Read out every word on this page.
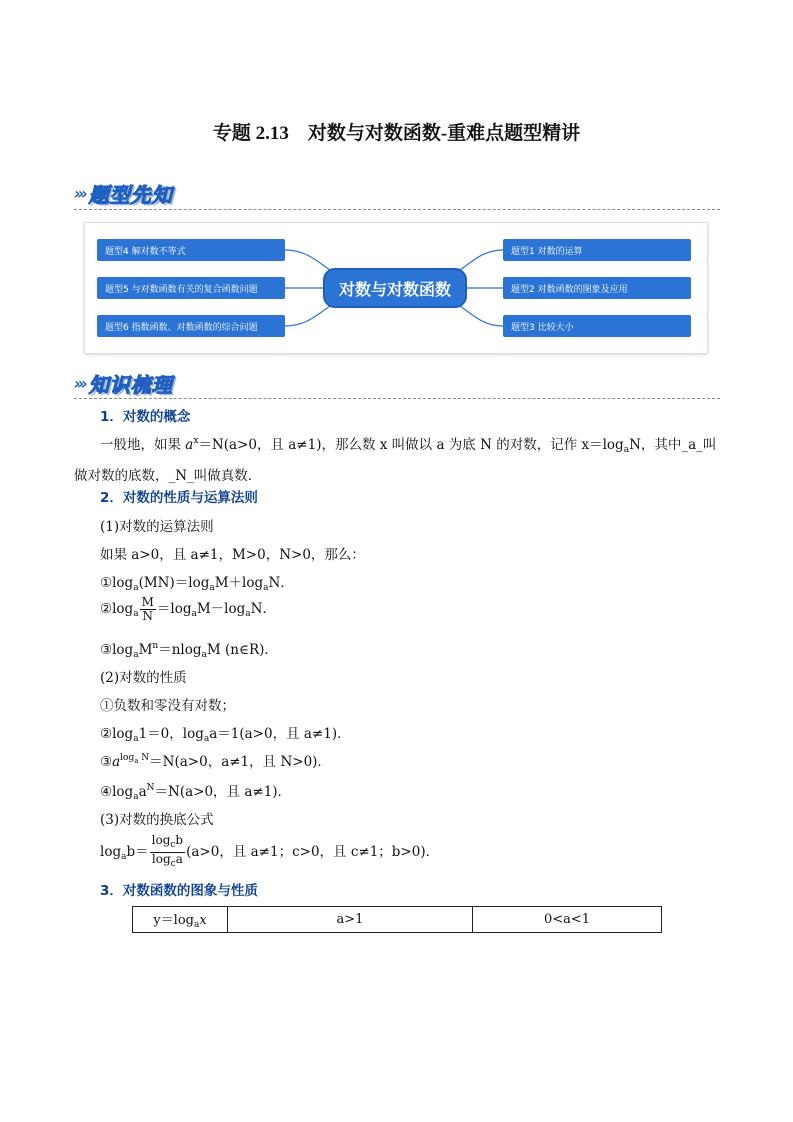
专题 2.13    对数与对数函数-重难点题型精讲
››› 题型先知
题型4 解对数不等式
题型5 与对数函数有关的复合函数问题
题型6 指数函数、对数函数的综合问题
对数与对数函数
题型1 对数的运算
题型2 对数函数的图象及应用
题型3 比较大小
››› 知识梳理
1．对数的概念
一般地，如果 $a^x=N(a>0$，且 a≠1)，那么数 x 叫做以 a 为底 N 的对数，记作 $x=\log_aN$，其中_a_叫做对数的底数，_N_叫做真数．
2．对数的性质与运算法则
(1)对数的运算法则
如果 a>0，且 a≠1，M>0，N>0，那么：
$①\log_a(MN)=\log_aM+\log_aN$．
$②\log_a \frac{M}{N} =\log_aM-\log_aN$．
$③\log_aM^n=nlog_aM$ (n∈R)．
(2)对数的性质
①负数和零没有对数；
$②\log_a1=0$，$\log_aa=1(a>0$，且 a≠1)．
$③a^{log_a N}=N(a>0$，a≠1，且 N>0)．
$④\log_aa^N=N(a>0$，且 a≠1)．
(3)对数的换底公式
$\log_ab= \frac{\log_cb}{\log_ca} (a>0$，且 a≠1；c>0，且 c≠1；b>0)．
3．对数函数的图象与性质
$y=\log_ax$	a>1	0<a<1
